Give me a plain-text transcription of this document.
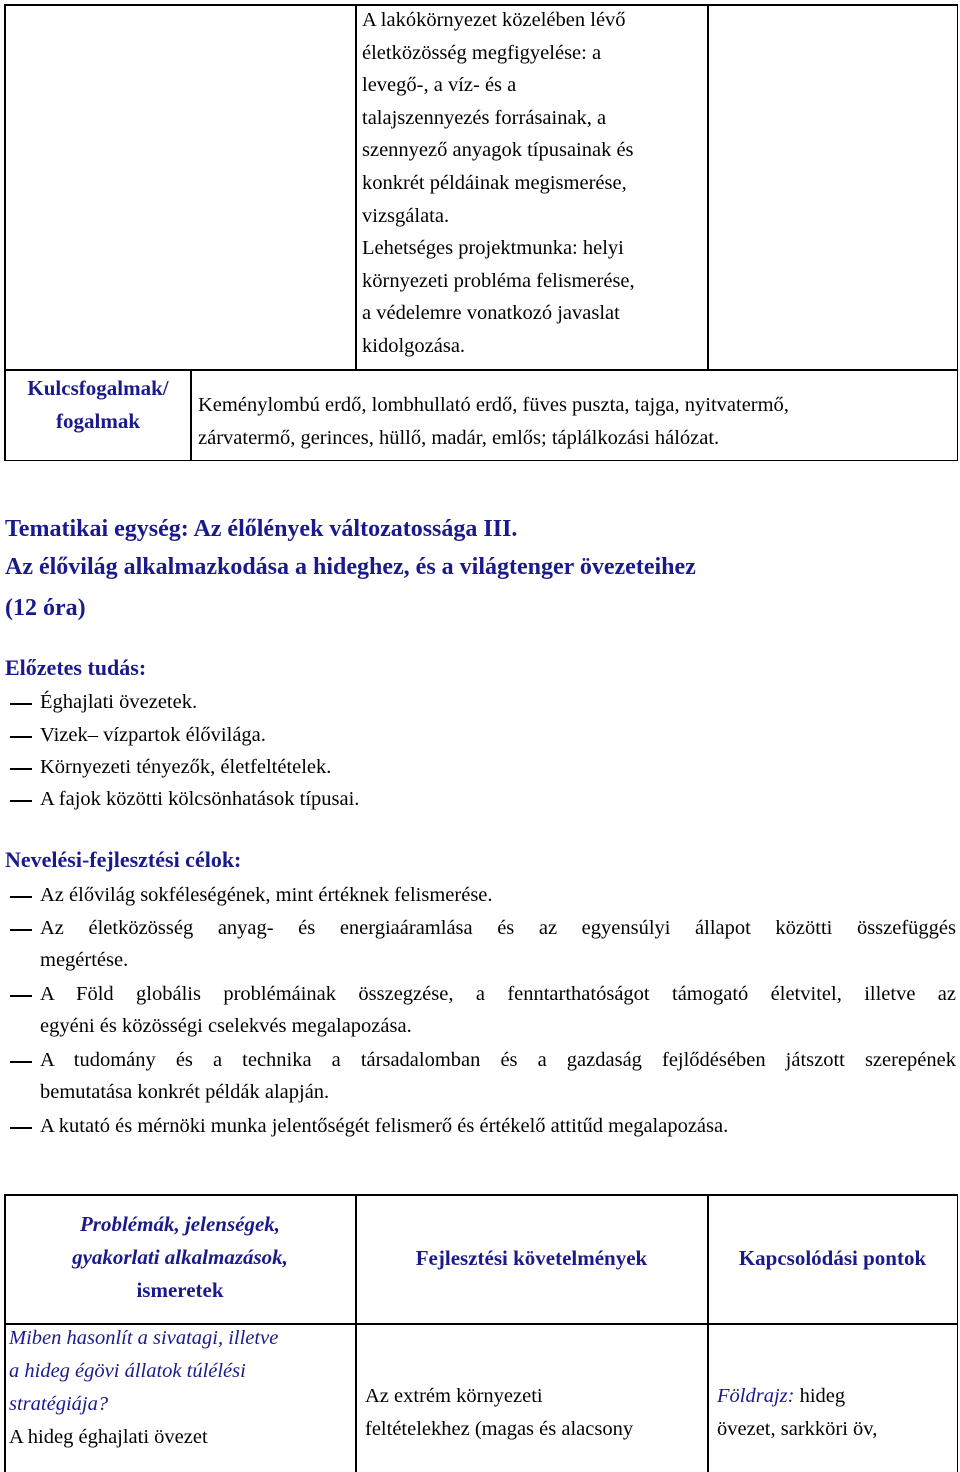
A lakókörnyezet közelében lévő
életközösség megfigyelése: a
levegő-, a víz- és a
talajszennyezés forrásainak, a
szennyező anyagok típusainak és
konkrét példáinak megismerése,
vizsgálata.
Lehetséges projektmunka: helyi
környezeti probléma felismerése,
a védelemre vonatkozó javaslat
kidolgozása.
Kulcsfogalmak/
fogalmak
Keménylombú erdő, lombhullató erdő, füves puszta, tajga, nyitvatermő,
zárvatermő, gerinces, hüllő, madár, emlős; táplálkozási hálózat.
Tematikai egység: Az élőlények változatossága III.
Az élővilág alkalmazkodása a hideghez, és a világtenger övezeteihez
(12 óra)
Előzetes tudás:
Éghajlati övezetek.
Vizek– vízpartok élővilága.
Környezeti tényezők, életfeltételek.
A fajok közötti kölcsönhatások típusai.
Nevelési-fejlesztési célok:
Az élővilág sokféleségének, mint értéknek felismerése.
Az életközösség anyag- és energiaáramlása és az egyensúlyi állapot közötti összefüggés
megértése.
A Föld globális problémáinak összegzése, a fenntarthatóságot támogató életvitel, illetve az
egyéni és közösségi cselekvés megalapozása.
A tudomány és a technika a társadalomban és a gazdaság fejlődésében játszott szerepének
bemutatása konkrét példák alapján.
A kutató és mérnöki munka jelentőségét felismerő és értékelő attitűd megalapozása.
Problémák, jelenségek,
gyakorlati alkalmazások,
ismeretek
Fejlesztési követelmények	Kapcsolódási pontok
Miben hasonlít a sivatagi, illetve
a hideg égövi állatok túlélési
stratégiája?
A hideg éghajlati övezet
Az extrém környezeti
feltételekhez (magas és alacsony
Földrajz: hideg
övezet, sarkköri öv,
